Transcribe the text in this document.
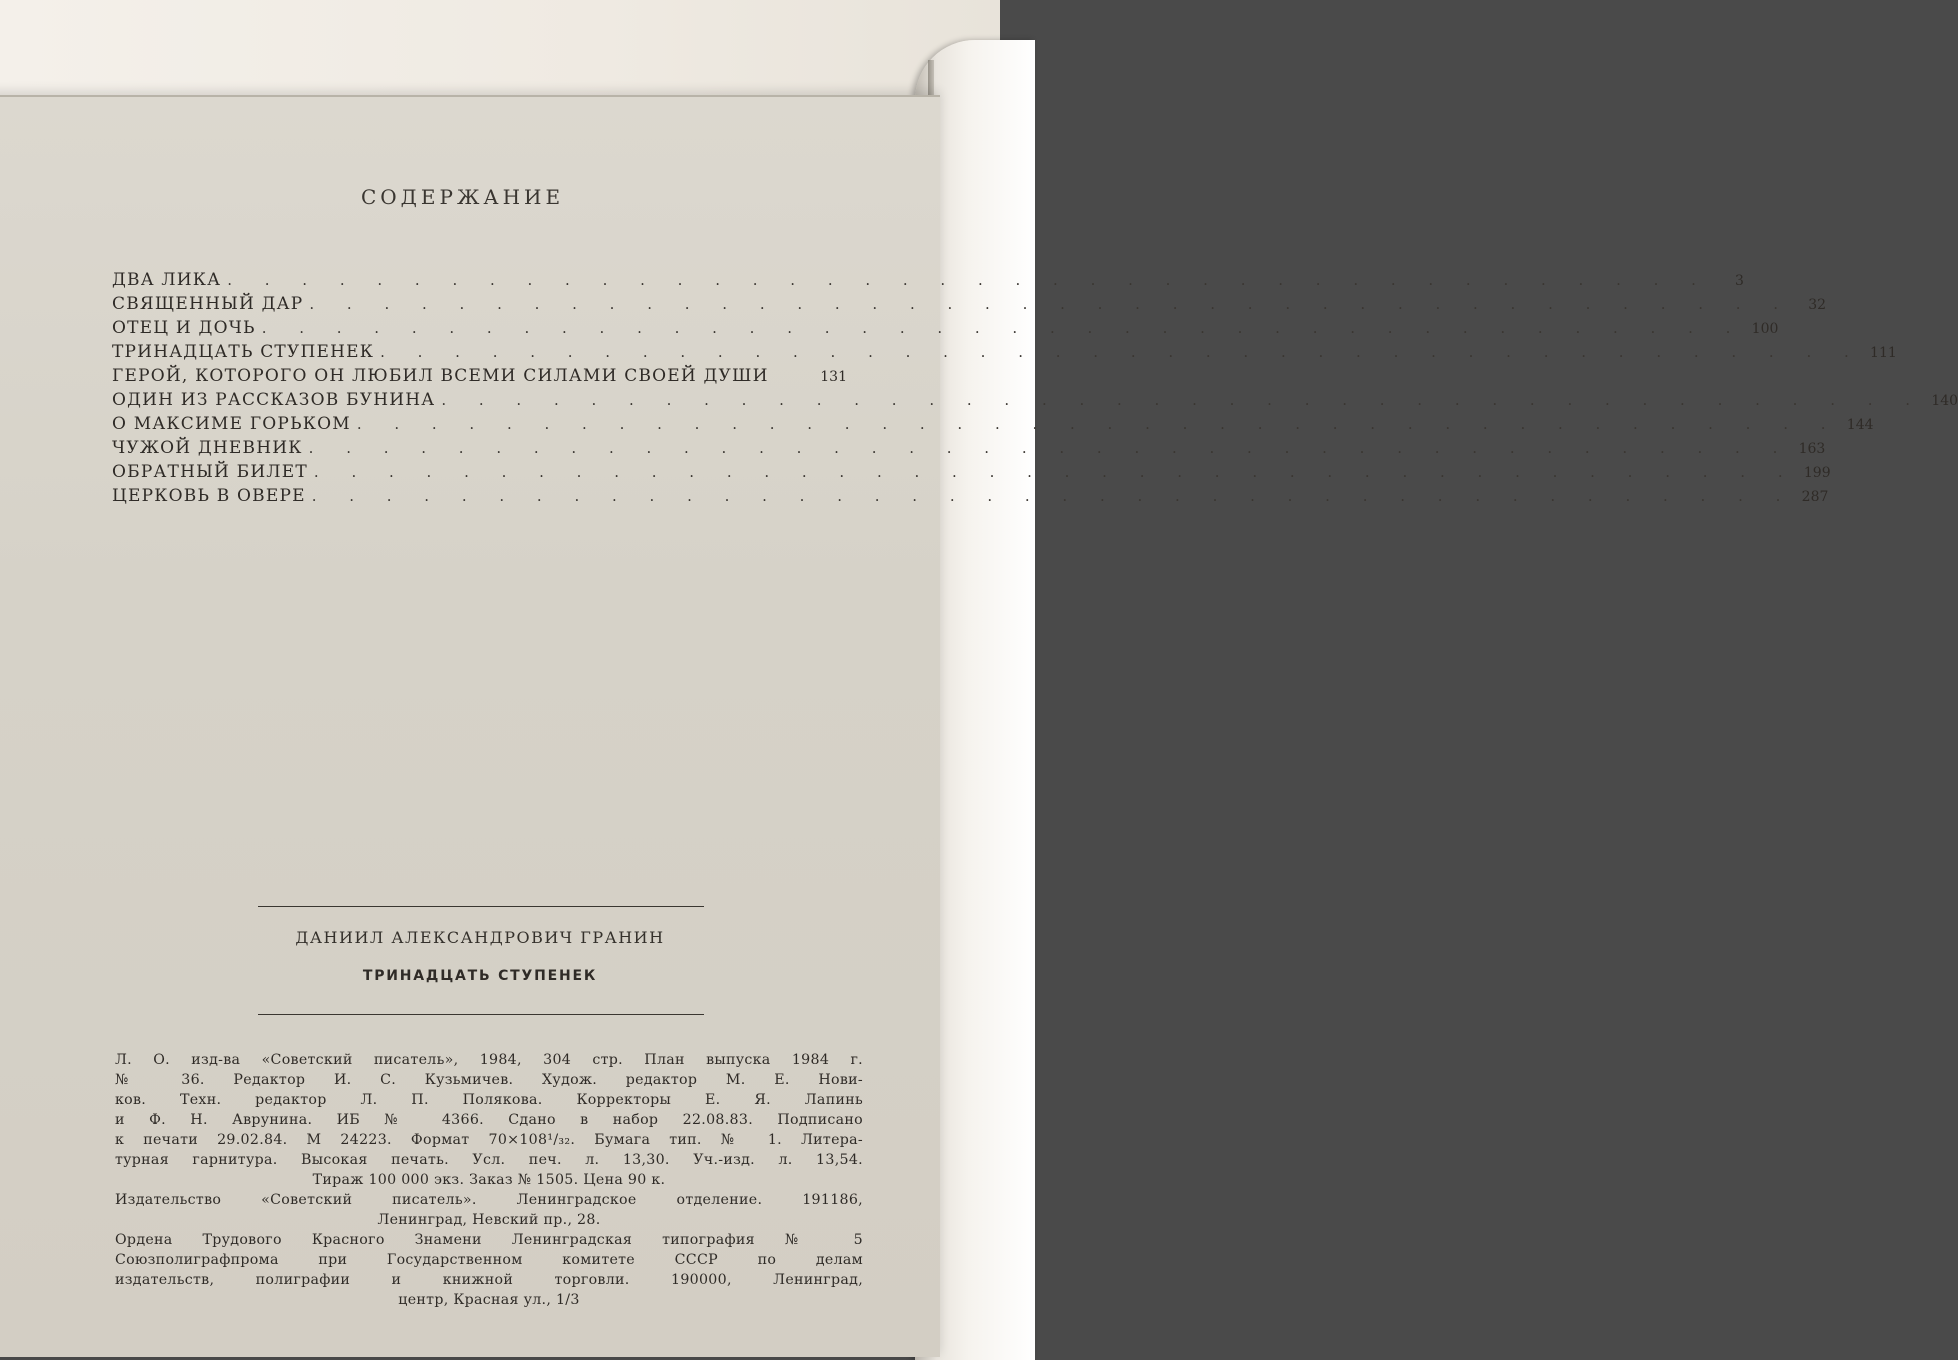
СОДЕРЖАНИЕ
ДВА ЛИКА . . . . . . . . . . . . . . . . . . . . . . . . . . . . . . . . . . . . . . . .	3
СВЯЩЕННЫЙ ДАР . . . . . . . . . . . . . . . . . . . . . . . . . . . . . . . . . . . . . . . .	32
ОТЕЦ И ДОЧЬ . . . . . . . . . . . . . . . . . . . . . . . . . . . . . . . . . . . . . . . . 100
ТРИНАДЦАТЬ СТУПЕНЕК . . . . . . . . . . . . . . . . . . . . . . . . . . . . . . . . . . . . . . . . 111
ГЕРОЙ, КОТОРОГО ОН ЛЮБИЛ ВСЕМИ СИЛАМИ СВОЕЙ ДУШИ	131
ОДИН ИЗ РАССКАЗОВ БУНИНА . . . . . . . . . . . . . . . . . . . . . . . . . . . . . . . . . . . . . . . . 140
О МАКСИМЕ ГОРЬКОМ . . . . . . . . . . . . . . . . . . . . . . . . . . . . . . . . . . . . . . . . 144
ЧУЖОЙ ДНЕВНИК . . . . . . . . . . . . . . . . . . . . . . . . . . . . . . . . . . . . . . . . 163
ОБРАТНЫЙ БИЛЕТ . . . . . . . . . . . . . . . . . . . . . . . . . . . . . . . . . . . . . . . . 199
ЦЕРКОВЬ В ОВЕРЕ . . . . . . . . . . . . . . . . . . . . . . . . . . . . . . . . . . . . . . . . 287
ДАНИИЛ АЛЕКСАНДРОВИЧ ГРАНИН
ТРИНАДЦАТЬ СТУПЕНЕК
Л. О. изд-ва «Советский писатель», 1984, 304 стр. План выпуска 1984 г.
№ 36. Редактор И. С. Кузьмичев. Худож. редактор М. Е. Нови-
ков. Техн. редактор Л. П. Полякова. Корректоры Е. Я. Лапинь
и Ф. Н. Аврунина. ИБ № 4366. Сдано в набор 22.08.83. Подписано
к печати 29.02.84. М 24223. Формат 70×108¹/₃₂. Бумага тип. № 1. Литера-
турная гарнитура. Высокая печать. Усл. печ. л. 13,30. Уч.-изд. л. 13,54.
Тираж 100 000 экз. Заказ № 1505. Цена 90 к.
Издательство «Советский писатель». Ленинградское отделение. 191186,
Ленинград, Невский пр., 28.
Ордена Трудового Красного Знамени Ленинградская типография № 5
Союзполиграфпрома при Государственном комитете СССР по делам
издательств, полиграфии и книжной торговли. 190000, Ленинград,
центр, Красная ул., 1/3
